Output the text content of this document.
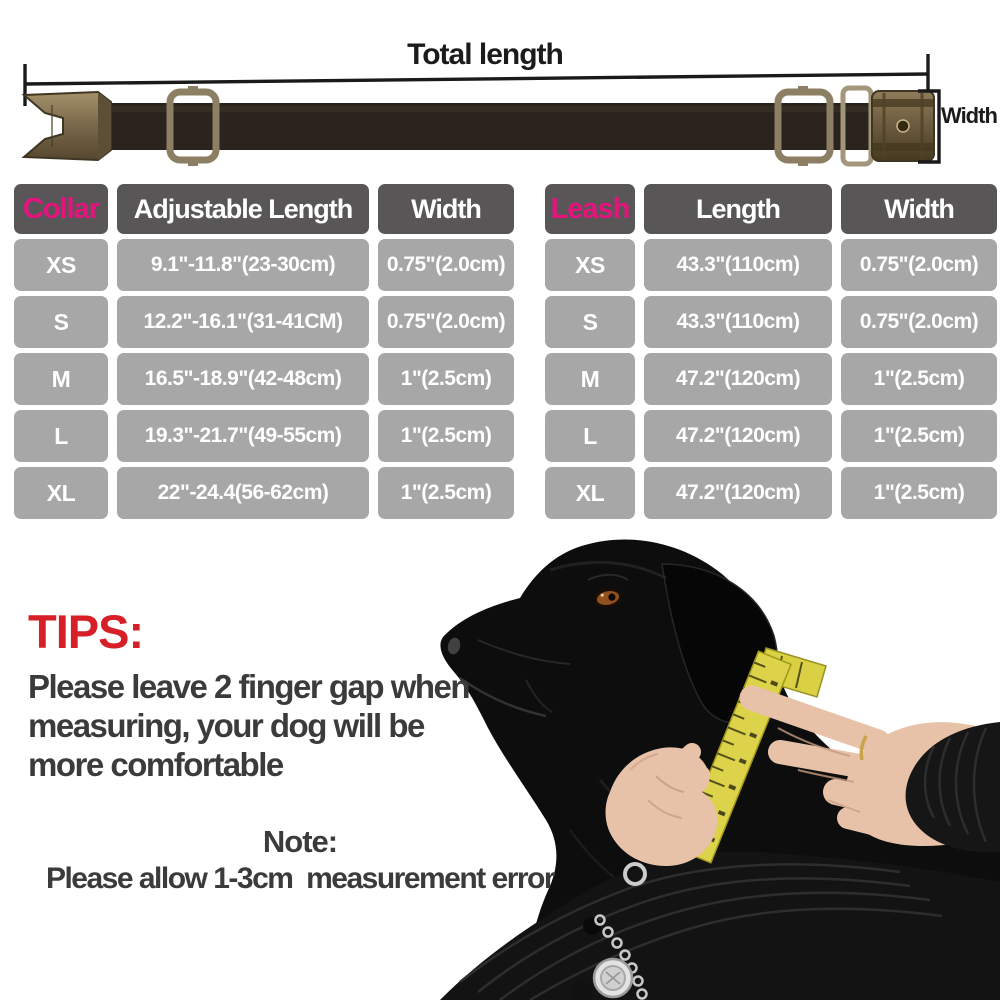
Total length
Width
Collar	Adjustable Length	Width
XS	9.1"-11.8"(23-30cm)	0.75"(2.0cm)
S	12.2"-16.1"(31-41CM)	0.75"(2.0cm)
M	16.5"-18.9"(42-48cm)	1"(2.5cm)
L	19.3"-21.7"(49-55cm)	1"(2.5cm)
XL	22"-24.4(56-62cm)	1"(2.5cm)
Leash	Length	Width
XS	43.3"(110cm)	0.75"(2.0cm)
S	43.3"(110cm)	0.75"(2.0cm)
M	47.2"(120cm)	1"(2.5cm)
L	47.2"(120cm)	1"(2.5cm)
XL	47.2"(120cm)	1"(2.5cm)
TIPS:
Please leave 2 finger gap when measuring, your dog will be more comfortable
Note:
Please allow 1-3cm  measurement error
